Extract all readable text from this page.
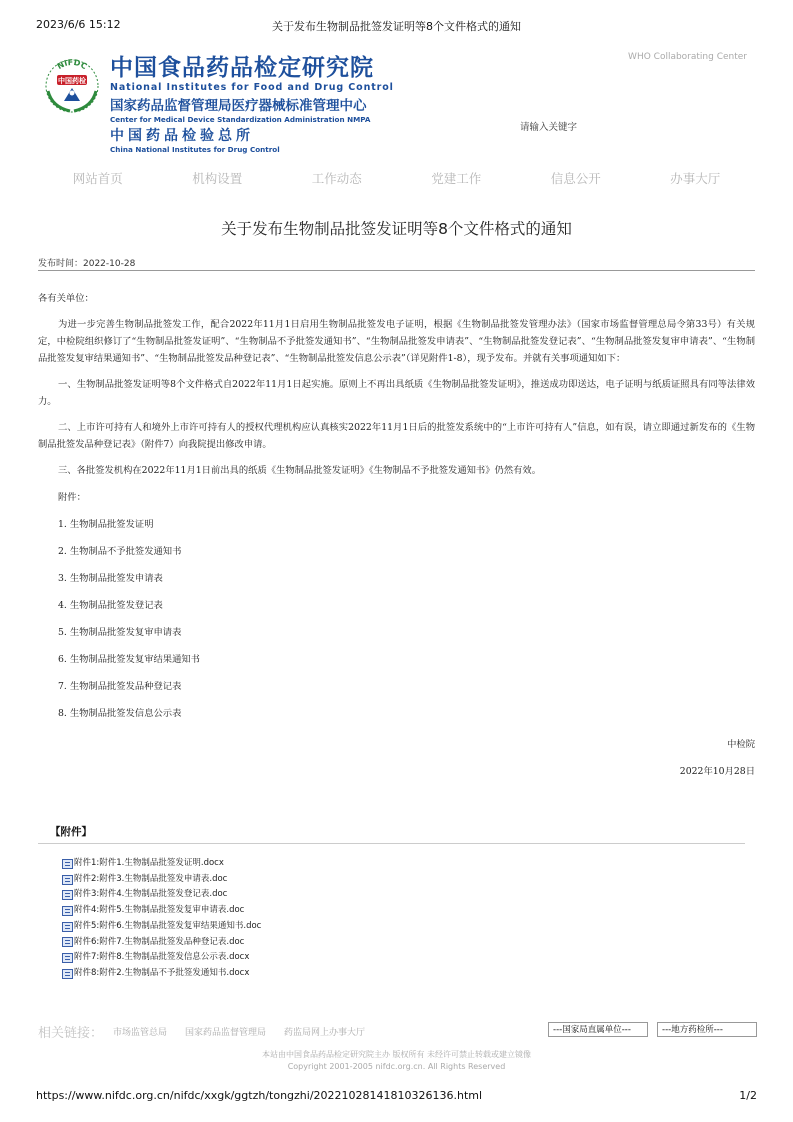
2023/6/6 15:12	关于发布生物制品批签发证明等8个文件格式的通知
NIFDC
中国药检 中国食品药品检定研究院
National Institutes for Food and Drug Control
国家药品监督管理局医疗器械标准管理中心
Center for Medical Device Standardization Administration NMPA
中国药品检验总所
China National Institutes for Drug Control
WHO Collaborating Center
请输入关键字
网站首页	机构设置	工作动态	党建工作	信息公开	办事大厅
关于发布生物制品批签发证明等8个文件格式的通知
发布时间：2022-10-28

各有关单位：

为进一步完善生物制品批签发工作，配合2022年11月1日启用生物制品批签发电子证明，根据《生物制品批签发管理办法》（国家市场监督管理总局令第33号）有关规定，中检院组织修订了“生物制品批签发证明”、“生物制品不予批签发通知书”、“生物制品批签发申请表”、“生物制品批签发登记表”、“生物制品批签发复审申请表”、“生物制品批签发复审结果通知书”、“生物制品批签发品种登记表”、“生物制品批签发信息公示表”（详见附件1-8），现予发布。并就有关事项通知如下：

一、生物制品批签发证明等8个文件格式自2022年11月1日起实施。原则上不再出具纸质《生物制品批签发证明》，推送成功即送达，电子证明与纸质证照具有同等法律效力。

二、上市许可持有人和境外上市许可持有人的授权代理机构应认真核实2022年11月1日后的批签发系统中的“上市许可持有人”信息，如有误，请立即通过新发布的《生物制品批签发品种登记表》（附件7）向我院提出修改申请。

三、各批签发机构在2022年11月1日前出具的纸质《生物制品批签发证明》《生物制品不予批签发通知书》仍然有效。

附件：

1. 生物制品批签发证明

2. 生物制品不予批签发通知书

3. 生物制品批签发申请表

4. 生物制品批签发登记表

5. 生物制品批签发复审申请表

6. 生物制品批签发复审结果通知书

7. 生物制品批签发品种登记表

8. 生物制品批签发信息公示表

中检院

2022年10月28日

【附件】
附件1:附件1.生物制品批签发证明.docx
附件2:附件3.生物制品批签发申请表.doc
附件3:附件4.生物制品批签发登记表.doc
附件4:附件5.生物制品批签发复审申请表.doc
附件5:附件6.生物制品批签发复审结果通知书.doc
附件6:附件7.生物制品批签发品种登记表.doc
附件7:附件8.生物制品批签发信息公示表.docx
附件8:附件2.生物制品不予批签发通知书.docx
相关链接： 市场监管总局 国家药品监督管理局 药监局网上办事大厅	---国家局直属单位---	---地方药检所---
本站由中国食品药品检定研究院主办 版权所有 未经许可禁止转载或建立镜像
Copyright 2001-2005 nifdc.org.cn. All Rights Reserved
https://www.nifdc.org.cn/nifdc/xxgk/ggtzh/tongzhi/20221028141810326136.html	1/2
